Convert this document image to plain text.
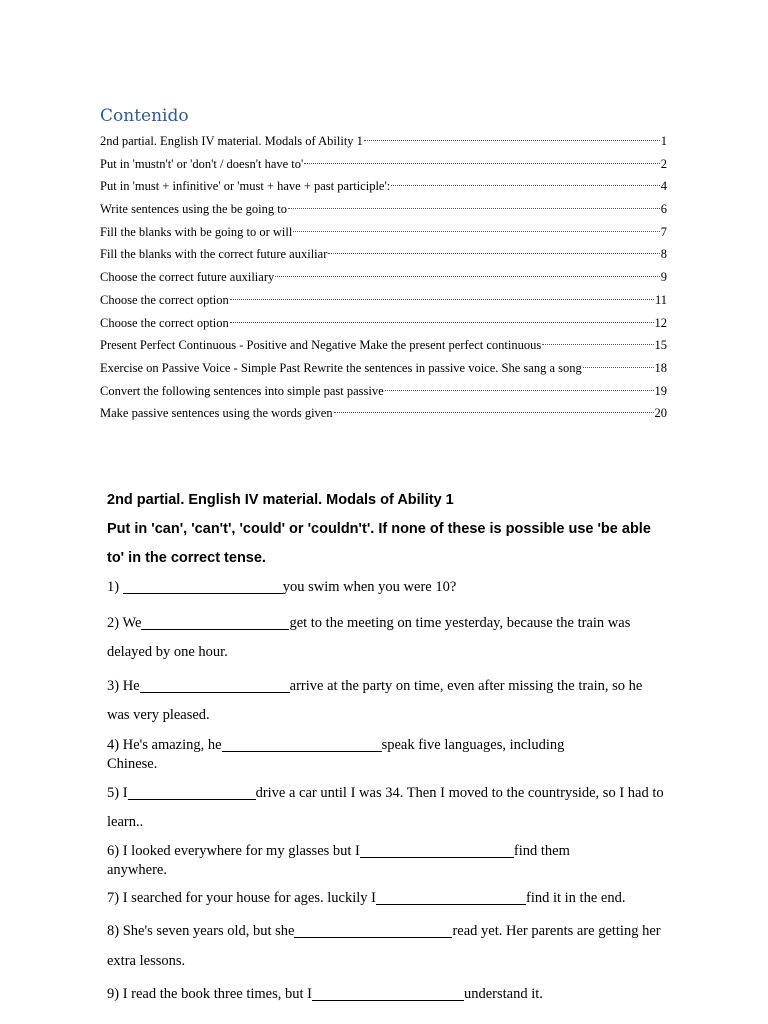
Contenido
2nd partial. English IV material. Modals of Ability 1	1
Put in 'mustn't' or 'don't / doesn't have to'	2
Put in 'must + infinitive' or 'must + have + past participle':	4
Write sentences using the be going to	6
Fill the blanks with be going to or will	7
Fill the blanks with the correct future auxiliar	8
Choose the correct future auxiliary	9
Choose the correct option	11
Choose the correct option	12
Present Perfect Continuous - Positive and Negative Make the present perfect continuous	15
Exercise on Passive Voice - Simple Past Rewrite the sentences in passive voice. She sang a song	18
Convert the following sentences into simple past passive	19
Make passive sentences using the words given	20

2nd partial. English IV material. Modals of Ability 1

Put in 'can', 'can't', 'could' or 'couldn't'. If none of these is possible use 'be able to' in the correct tense.

1)	you swim when you were 10?

2) We	get to the meeting on time yesterday, because the train was delayed by one hour.

3) He	arrive at the party on time, even after missing the train, so he was very pleased.

4) He's amazing, he	speak five languages, including
Chinese.

5) I	drive a car until I was 34. Then I moved to the countryside, so I had to learn..

6) I looked everywhere for my glasses but I	find them
anywhere.

7) I searched for your house for ages. luckily I	find it in the end.

8) She's seven years old, but she	read yet. Her parents are getting her extra lessons.

9) I read the book three times, but I	understand it.
